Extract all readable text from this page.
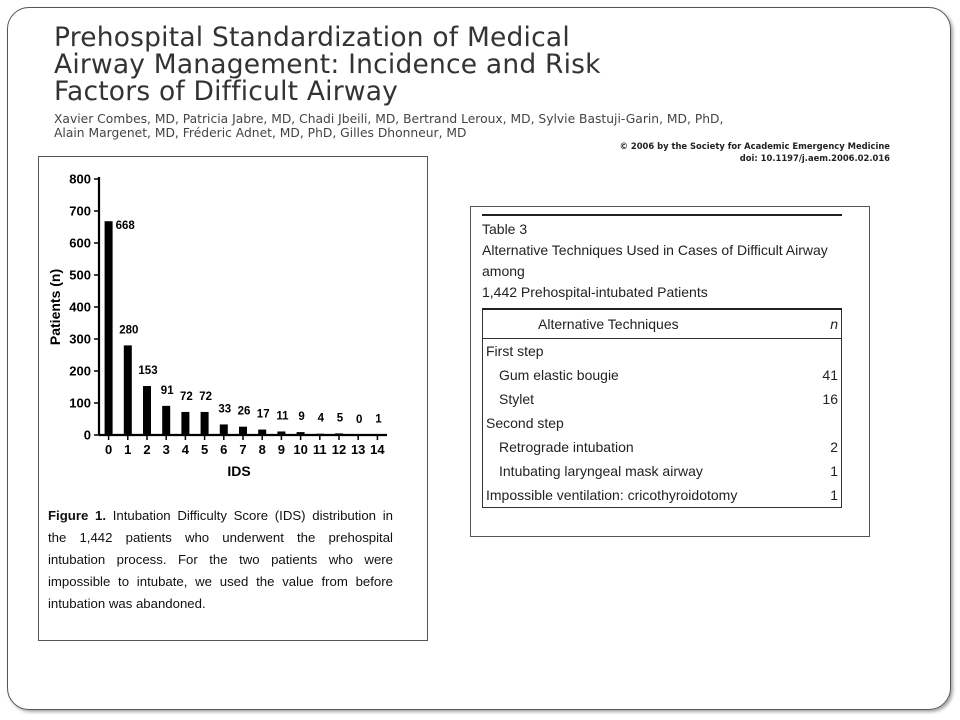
Prehospital Standardization of Medical
Airway Management: Incidence and Risk
Factors of Difficult Airway
Xavier Combes, MD, Patricia Jabre, MD, Chadi Jbeili, MD, Bertrand Leroux, MD, Sylvie Bastuji-Garin, MD, PhD,
Alain Margenet, MD, Fréderic Adnet, MD, PhD, Gilles Dhonneur, MD
© 2006 by the Society for Academic Emergency Medicine
doi: 10.1197/j.aem.2006.02.016
0
100
200
300
400
500
600
700
800
0
668
1
280
2
153
3
91
4
72
5
72
6
33
7
26
8
17
9
11
10
9
11
4
12
5
13
0
14
1
IDS
Patients (n)
Figure 1. Intubation Difficulty Score (IDS) distribution in the 1,442 patients who underwent the prehospital intubation process. For the two patients who were impossible to intubate, we used the value from before intubation was abandoned.
Table 3
Alternative Techniques Used in Cases of Difficult Airway among
1,442 Prehospital-intubated Patients
Alternative Techniques	n
First step
Gum elastic bougie	41
Stylet	16
Second step
Retrograde intubation	2
Intubating laryngeal mask airway	1
Impossible ventilation: cricothyroidotomy	1
